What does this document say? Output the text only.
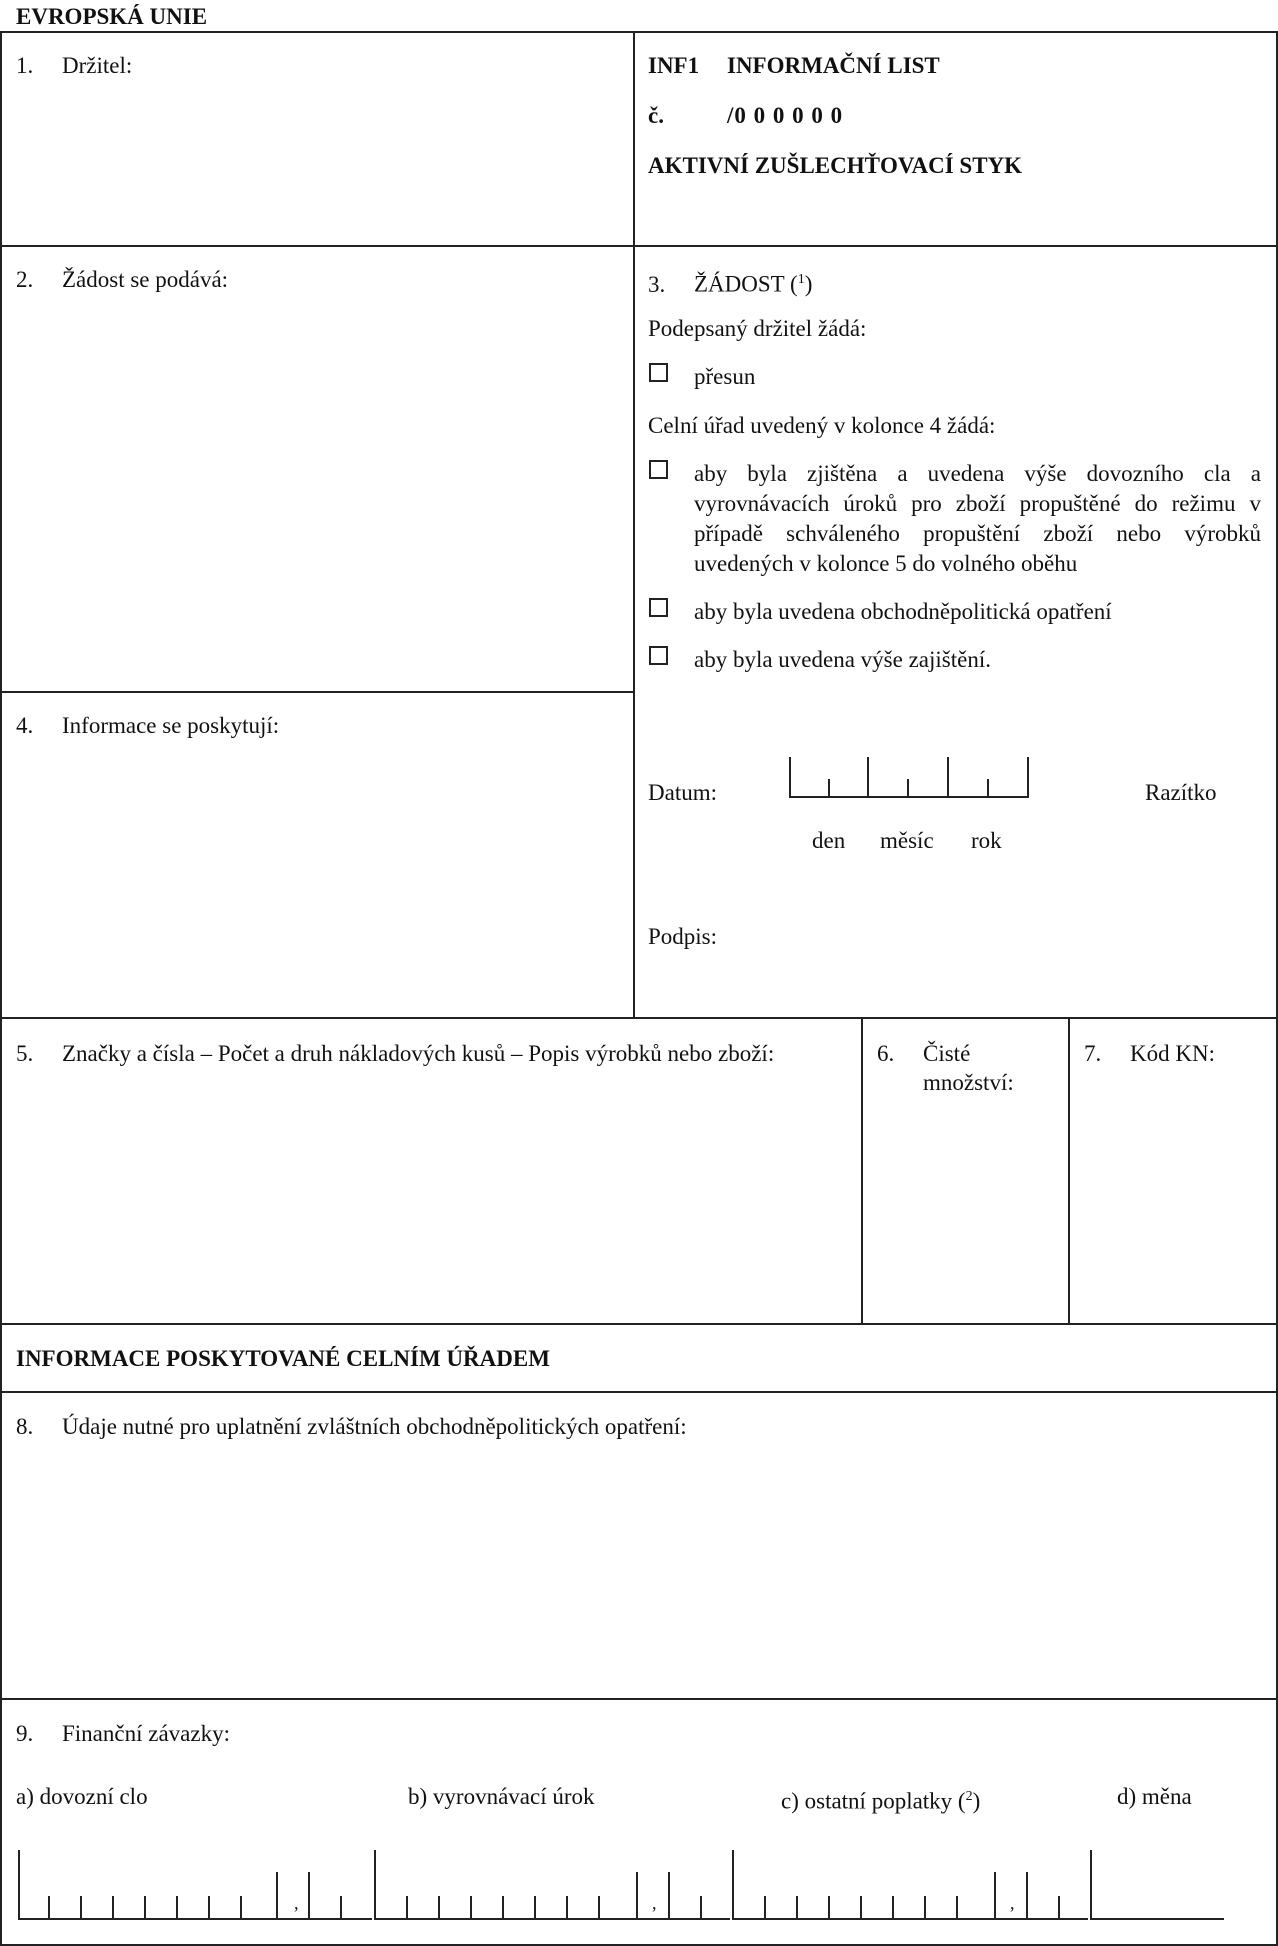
EVROPSKÁ UNIE
1. Držitel:	INF1 INFORMAČNÍ LIST
č.	/0 0 0 0 0 0
AKTIVNÍ ZUŠLECHŤOVACÍ STYK
2. Žádost se podává:	3. ŽÁDOST ($^1$)
Podepsaný držitel žádá:
přesun
Celní úřad uvedený v kolonce 4 žádá:
aby byla zjištěna a uvedena výše dovozního cla a vyrovnávacích úroků pro zboží propuštěné do režimu v případě schváleného propuštění zboží nebo výrobků uvedených v kolonce 5 do volného oběhu
aby byla uvedena obchodněpolitická opatření
aby byla uvedena výše zajištění.
Datum:
den měsíc rok
Razítko
Podpis:
4. Informace se poskytují:
5. Značky a čísla – Počet a druh nákladových kusů – Popis výrobků nebo zboží:	6. Čisté
množství:
7. Kód KN:
INFORMACE POSKYTOVANÉ CELNÍM ÚŘADEM
8. Údaje nutné pro uplatnění zvláštních obchodněpolitických opatření:
9. Finanční závazky:
a) dovozní clo	b) vyrovnávací úrok	c) ostatní poplatky ($^2$)	d) měna
,	,	,
